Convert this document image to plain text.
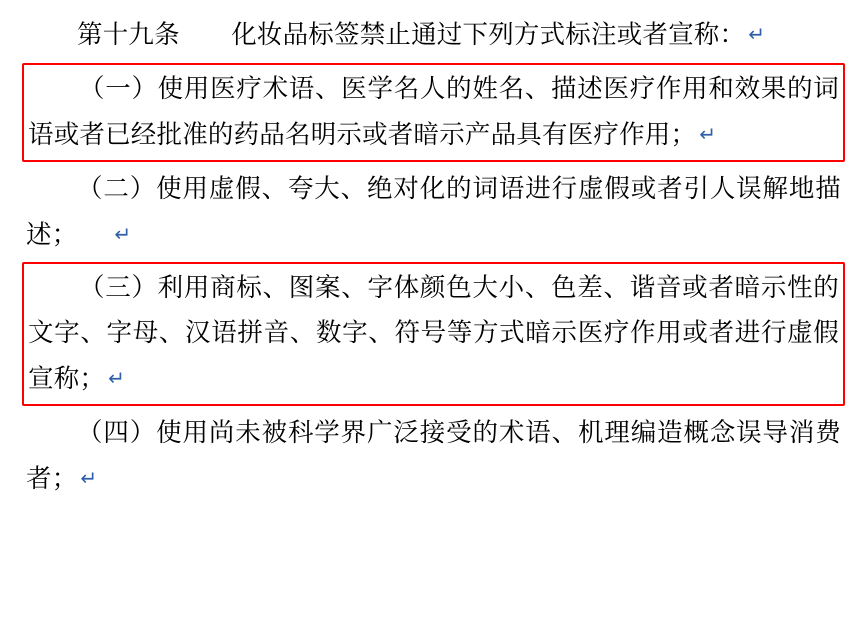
第十九条　　化妆品标签禁止通过下列方式标注或者宣称： ↵

（一）使用医疗术语、医学名人的姓名、描述医疗作用和效果的词语或者已经批准的药品名明示或者暗示产品具有医疗作用； ↵

（二）使用虚假、夸大、绝对化的词语进行虚假或者引人误解地描述； ↵

（三）利用商标、图案、字体颜色大小、色差、谐音或者暗示性的文字、字母、汉语拼音、数字、符号等方式暗示医疗作用或者进行虚假宣称； ↵

（四）使用尚未被科学界广泛接受的术语、机理编造概念误导消费者； ↵
